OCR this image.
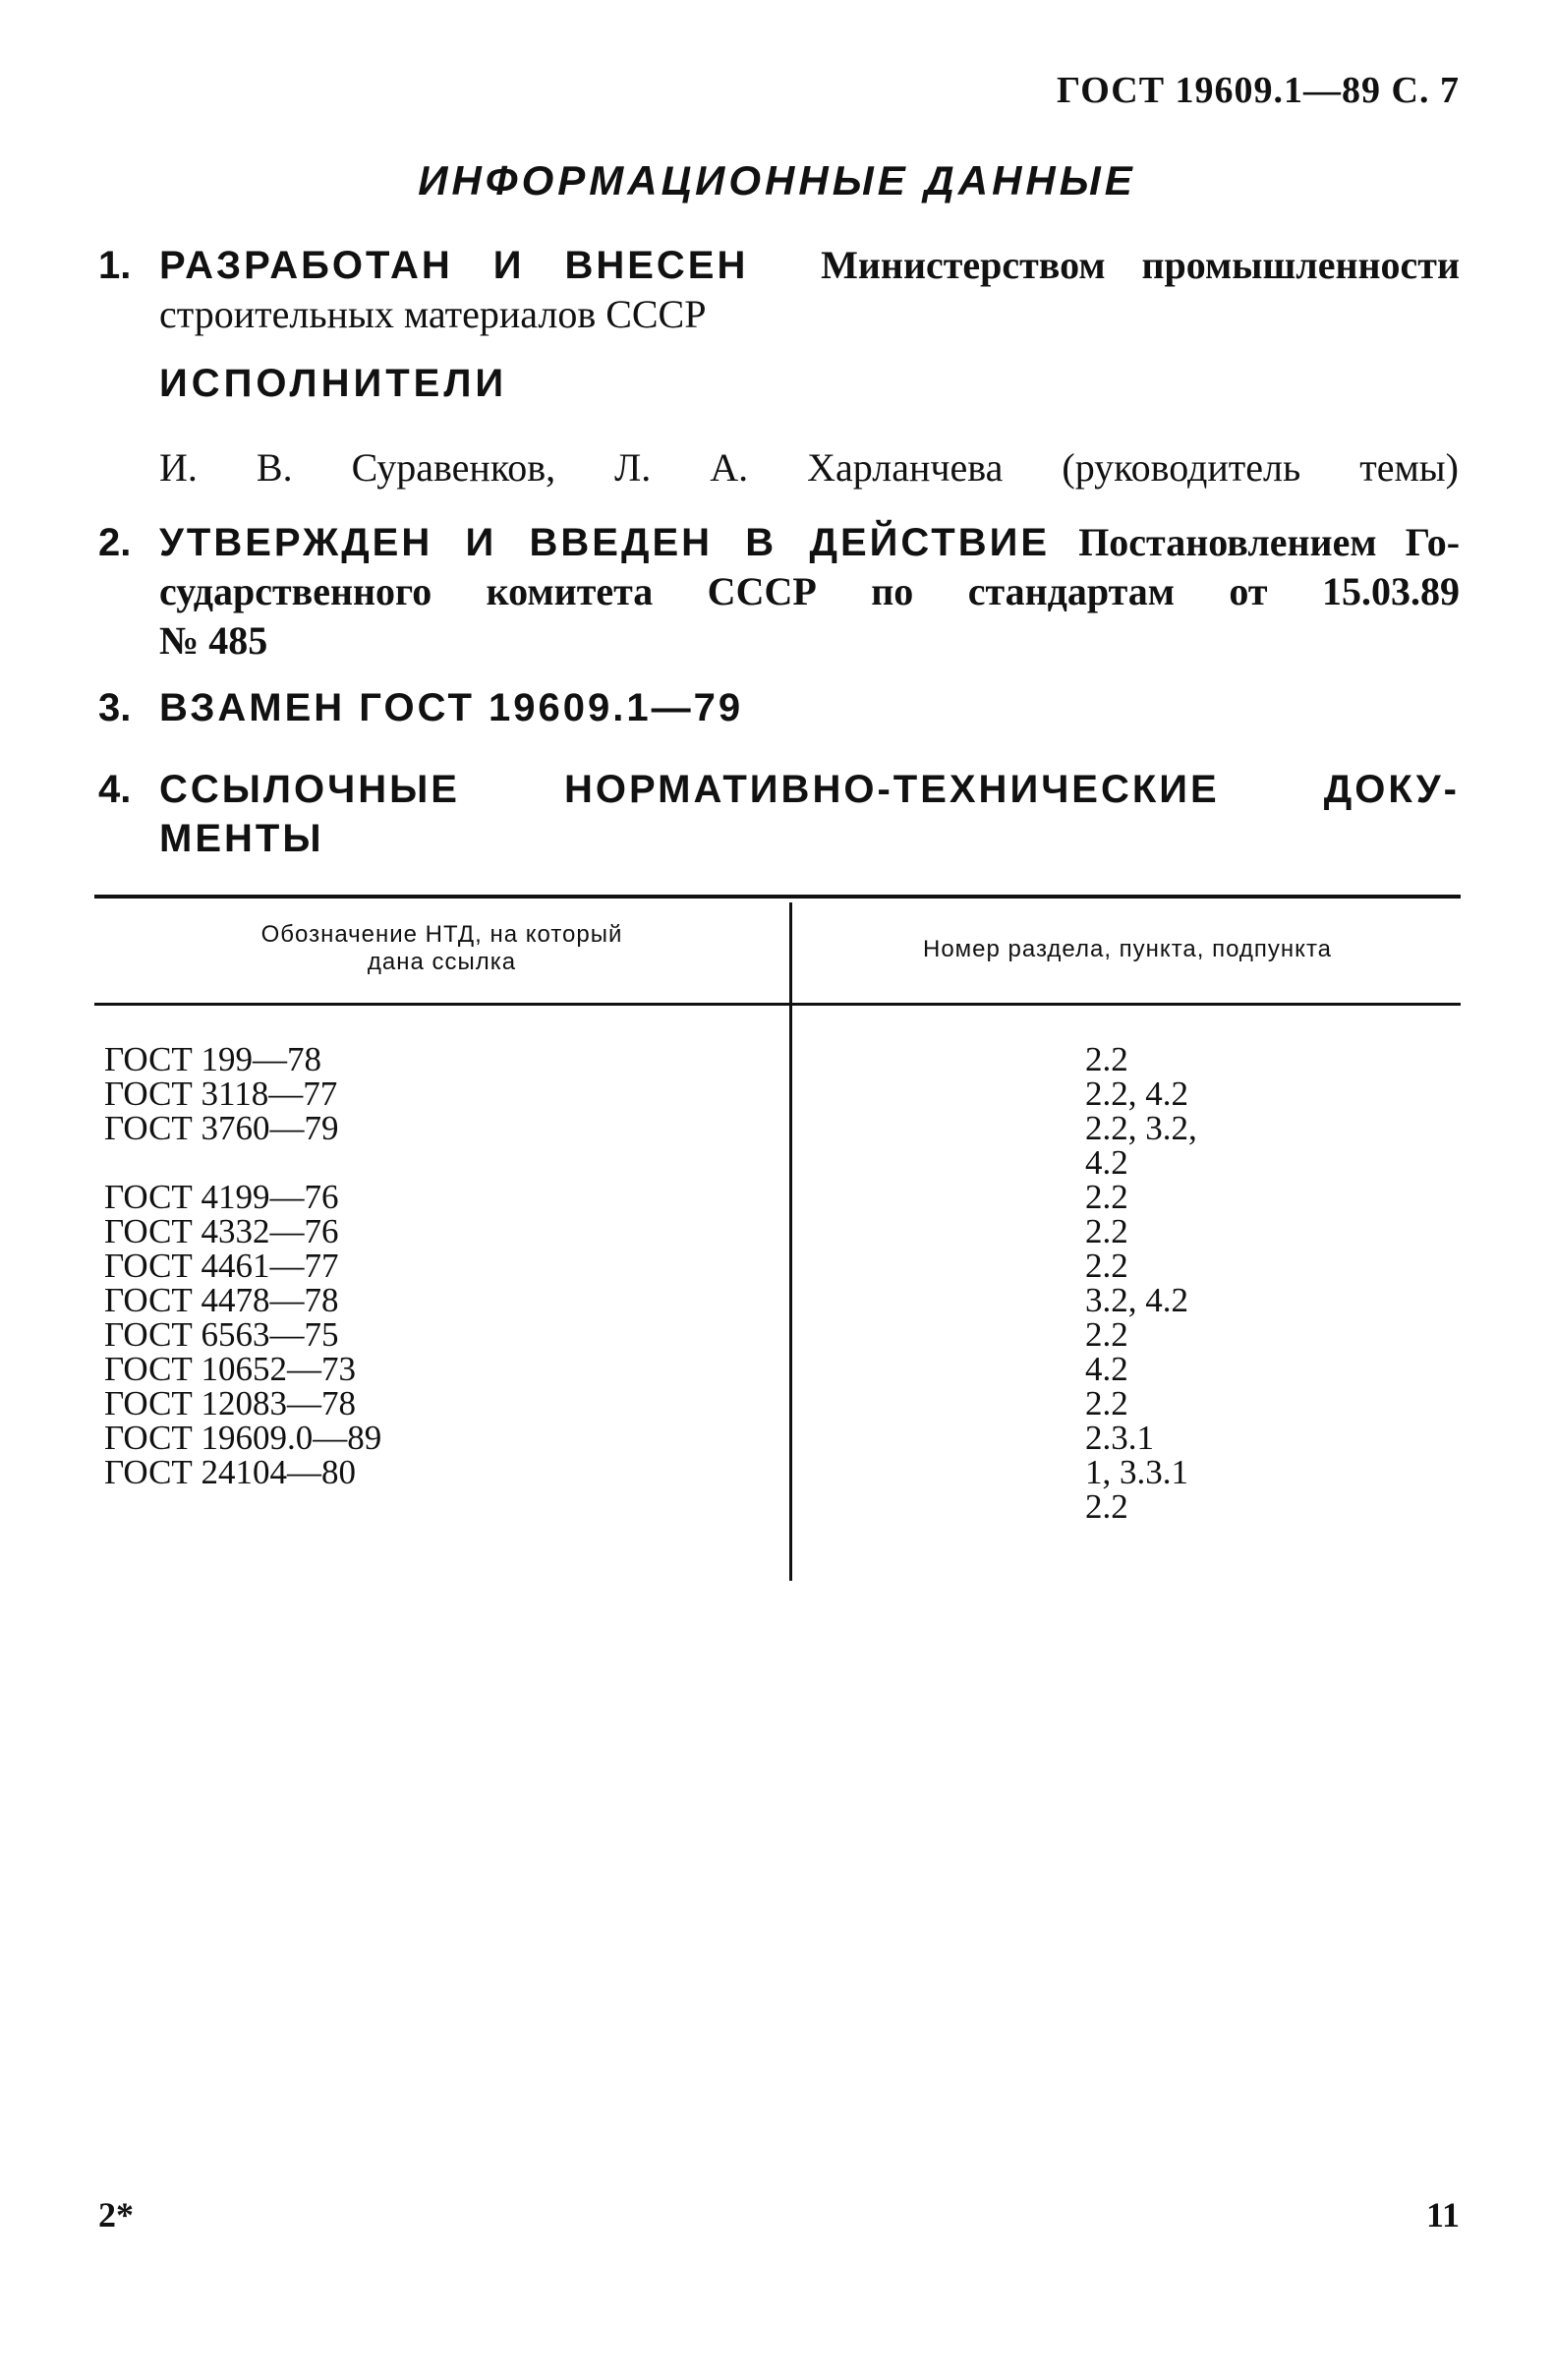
ГОСТ 19609.1—89 С. 7
ИНФОРМАЦИОННЫЕ ДАННЫЕ
1. РАЗРАБОТАН И ВНЕСЕН Министерством промышленности
строительных материалов СССР
ИСПОЛНИТЕЛИ
И. В. Суравенков, Л. А. Харланчева (руководитель темы)
2. УТВЕРЖДЕН И ВВЕДЕН В ДЕЙСТВИЕ Постановлением Го-
сударственного комитета СССР по стандартам от 15.03.89
№ 485
3. ВЗАМЕН ГОСТ 19609.1—79
4. ССЫЛОЧНЫЕ НОРМАТИВНО-ТЕХНИЧЕСКИЕ ДОКУ-
МЕНТЫ
Обозначение НТД, на который
дана ссылка	Номер раздела, пункта, подпункта
ГОСТ 199—78
ГОСТ 3118—77
ГОСТ 3760—79
ГОСТ 4199—76
ГОСТ 4332—76
ГОСТ 4461—77
ГОСТ 4478—78
ГОСТ 6563—75
ГОСТ 10652—73
ГОСТ 12083—78
ГОСТ 19609.0—89
ГОСТ 24104—80
2.2
2.2, 4.2
2.2, 3.2,
4.2
2.2
2.2
2.2
3.2, 4.2
2.2
4.2
2.2
2.3.1
1, 3.3.1
2.2
2*	11
